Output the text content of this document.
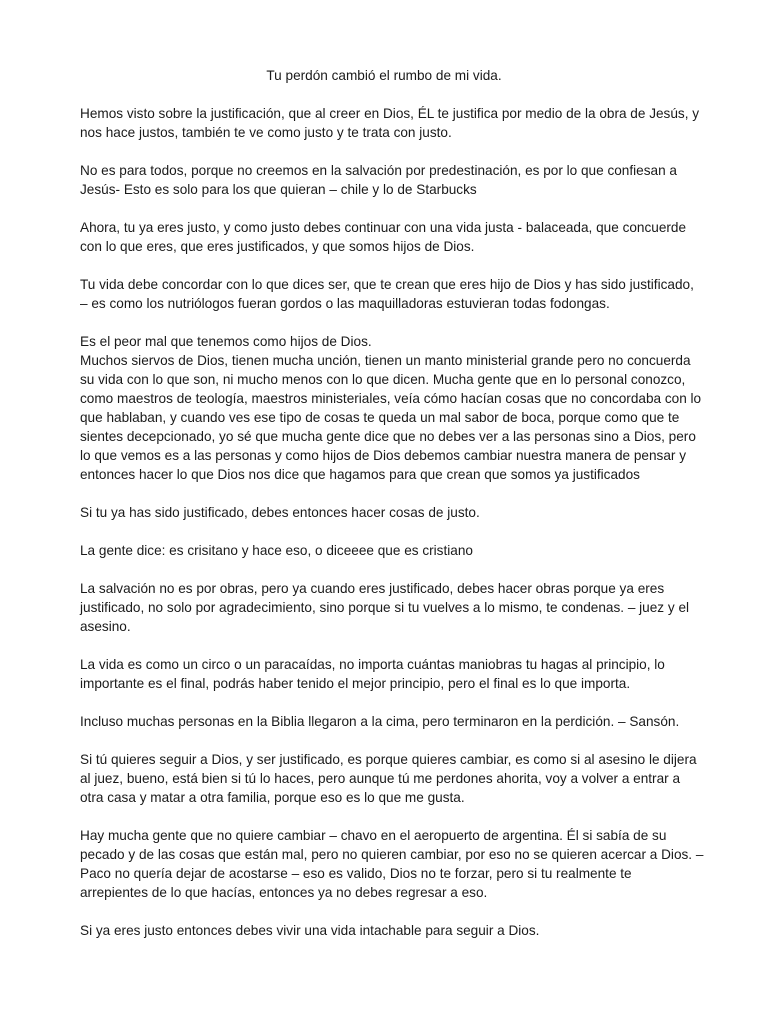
Tu perdón cambió el rumbo de mi vida.
Hemos visto sobre la justificación, que al creer en Dios, ÉL te justifica por medio de la obra de Jesús, y
nos hace justos, también te ve como justo y te trata con justo.
No es para todos, porque no creemos en la salvación por predestinación, es por lo que confiesan a
Jesús- Esto es solo para los que quieran – chile y lo de Starbucks
Ahora, tu ya eres justo, y como justo debes continuar con una vida justa - balaceada, que concuerde
con lo que eres, que eres justificados, y que somos hijos de Dios.
Tu vida debe concordar con lo que dices ser, que te crean que eres hijo de Dios y has sido justificado,
– es como los nutriólogos fueran gordos o las maquilladoras estuvieran todas fodongas.
Es el peor mal que tenemos como hijos de Dios.
Muchos siervos de Dios, tienen mucha unción, tienen un manto ministerial grande pero no concuerda
su vida con lo que son, ni mucho menos con lo que dicen. Mucha gente que en lo personal conozco,
como maestros de teología, maestros ministeriales, veía cómo hacían cosas que no concordaba con lo
que hablaban, y cuando ves ese tipo de cosas te queda un mal sabor de boca, porque como que te
sientes decepcionado, yo sé que mucha gente dice que no debes ver a las personas sino a Dios, pero
lo que vemos es a las personas y como hijos de Dios debemos cambiar nuestra manera de pensar y
entonces hacer lo que Dios nos dice que hagamos para que crean que somos ya justificados
Si tu ya has sido justificado, debes entonces hacer cosas de justo.
La gente dice: es crisitano y hace eso, o diceeee que es cristiano
La salvación no es por obras, pero ya cuando eres justificado, debes hacer obras porque ya eres
justificado, no solo por agradecimiento, sino porque si tu vuelves a lo mismo, te condenas. – juez y el
asesino.
La vida es como un circo o un paracaídas, no importa cuántas maniobras tu hagas al principio, lo
importante es el final, podrás haber tenido el mejor principio, pero el final es lo que importa.
Incluso muchas personas en la Biblia llegaron a la cima, pero terminaron en la perdición. – Sansón.
Si tú quieres seguir a Dios, y ser justificado, es porque quieres cambiar, es como si al asesino le dijera
al juez, bueno, está bien si tú lo haces, pero aunque tú me perdones ahorita, voy a volver a entrar a
otra casa y matar a otra familia, porque eso es lo que me gusta.
Hay mucha gente que no quiere cambiar – chavo en el aeropuerto de argentina. Él si sabía de su
pecado y de las cosas que están mal, pero no quieren cambiar, por eso no se quieren acercar a Dios. –
Paco no quería dejar de acostarse – eso es valido, Dios no te forzar, pero si tu realmente te
arrepientes de lo que hacías, entonces ya no debes regresar a eso.
Si ya eres justo entonces debes vivir una vida intachable para seguir a Dios.
